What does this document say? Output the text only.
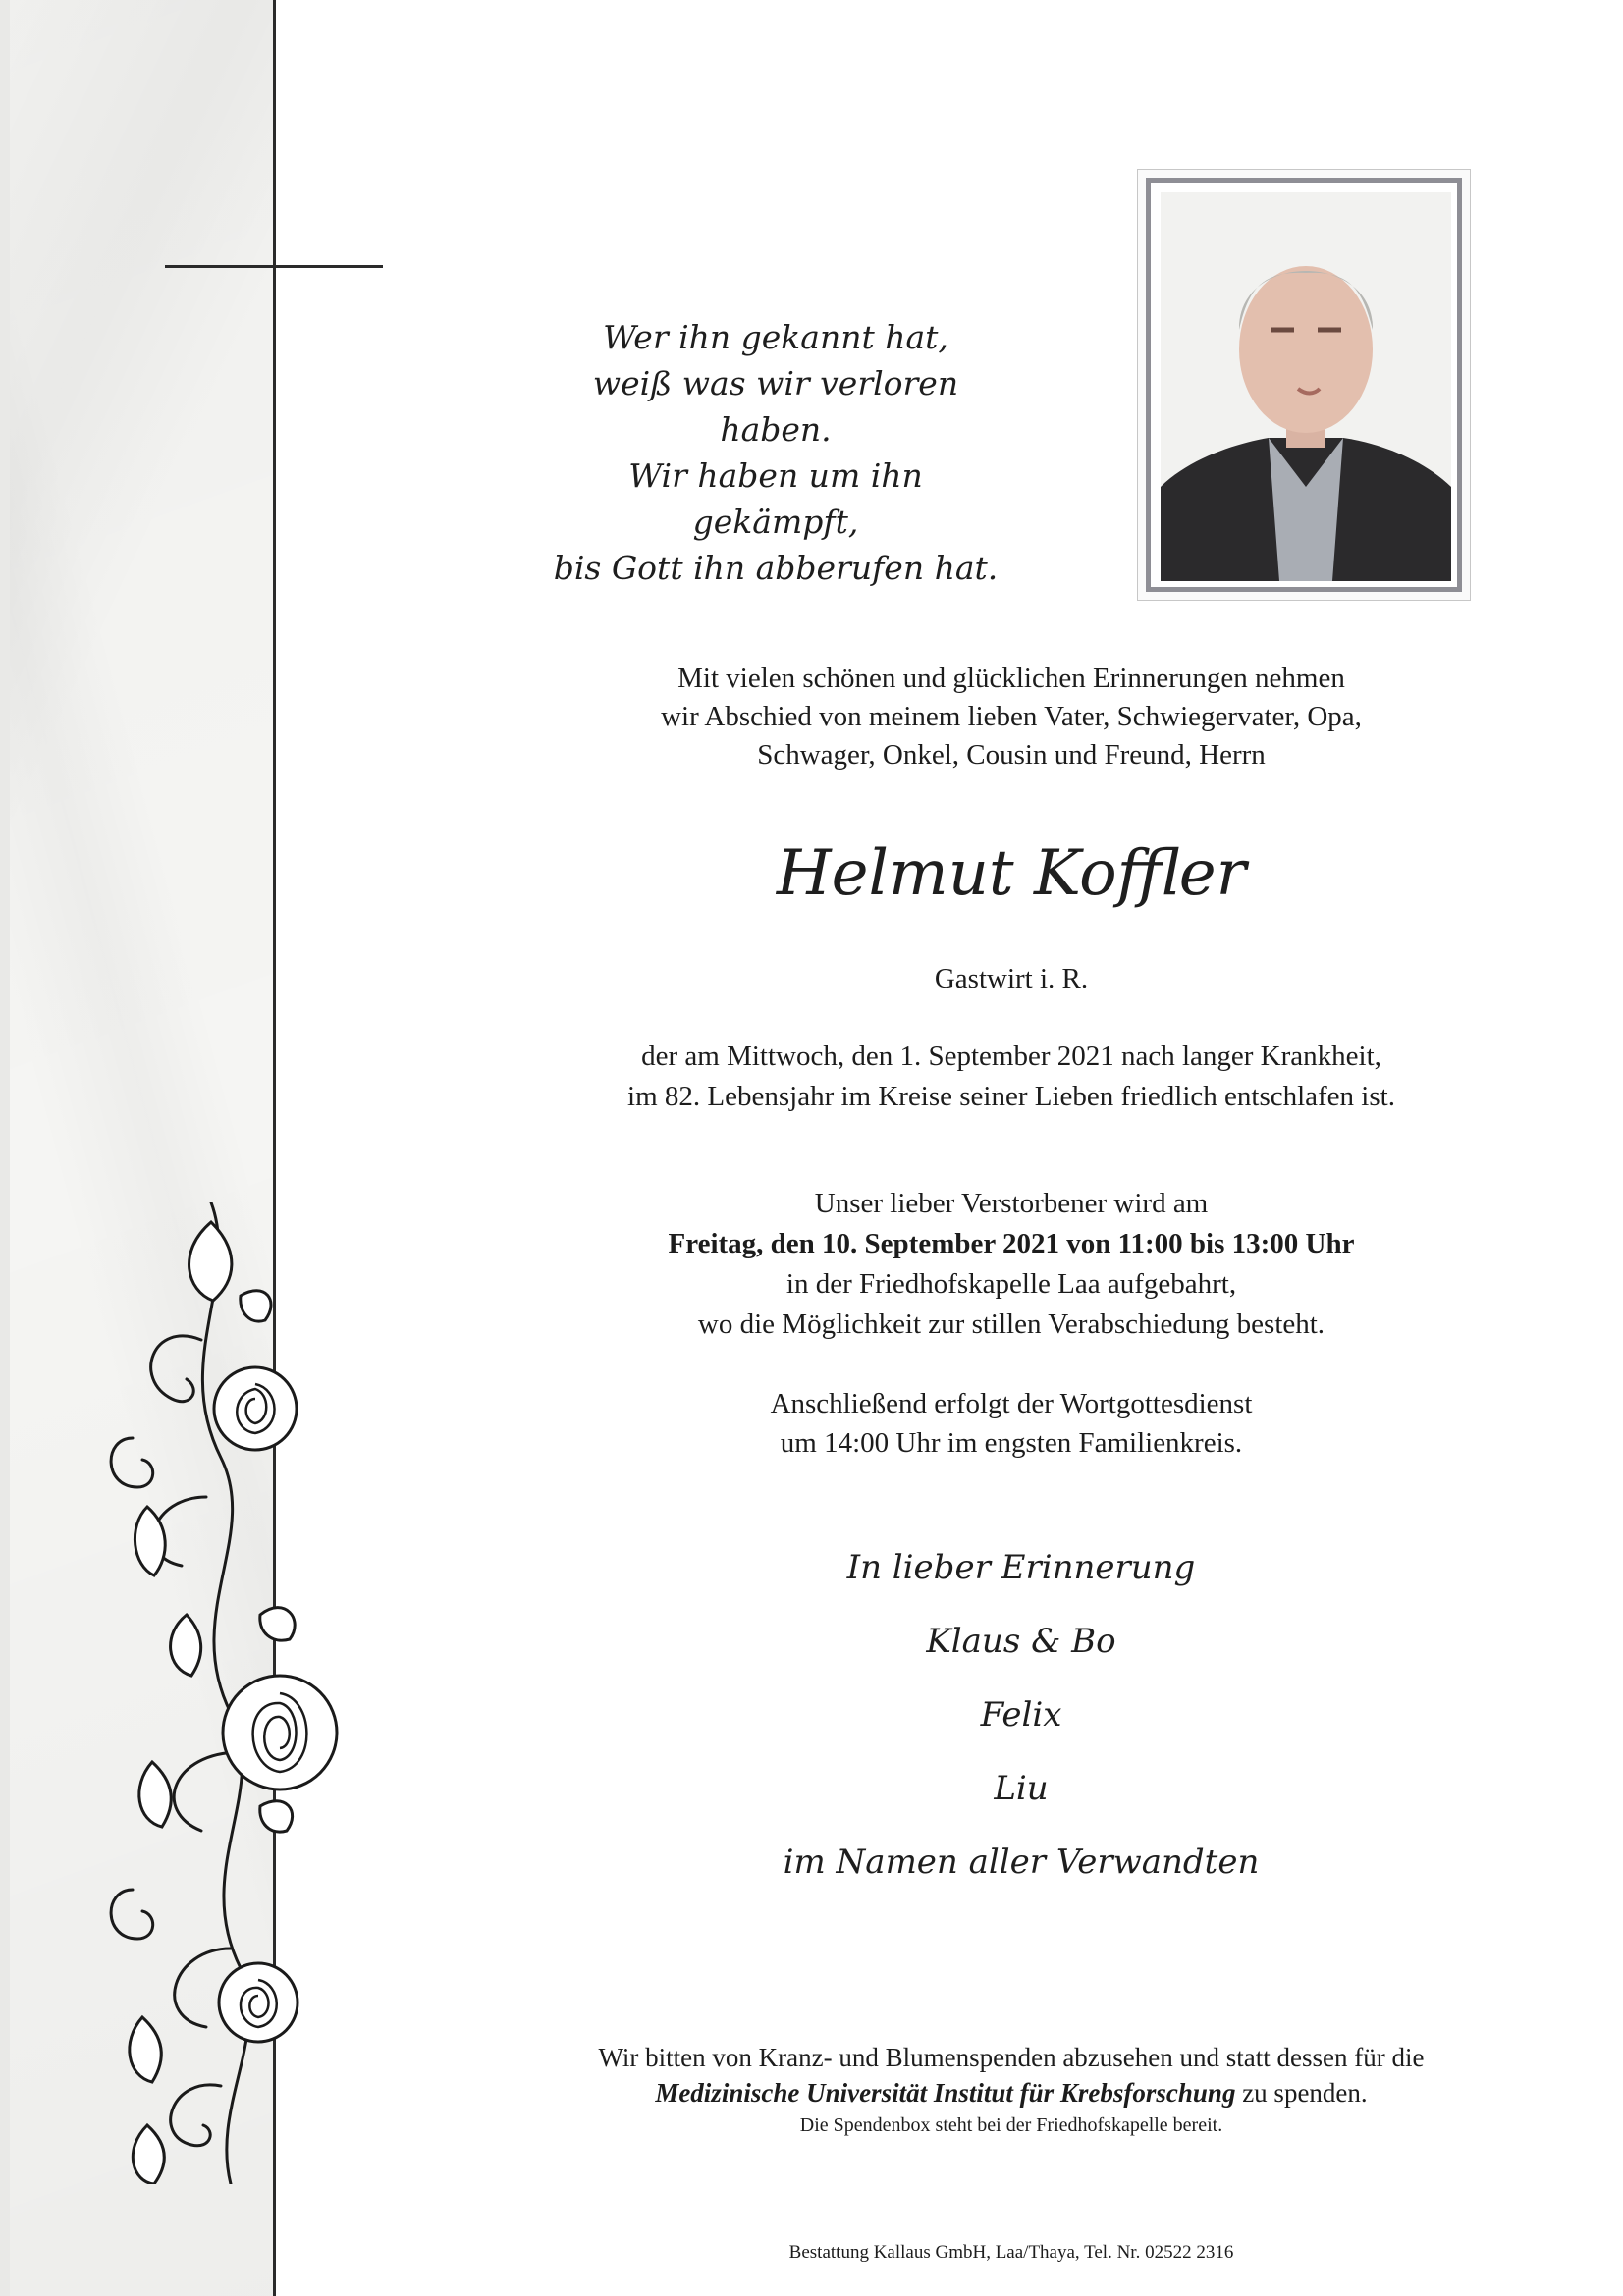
Wer ihn gekannt hat,
weiß was wir verloren haben.
Wir haben um ihn gekämpft,
bis Gott ihn abberufen hat.
Mit vielen schönen und glücklichen Erinnerungen nehmen
wir Abschied von meinem lieben Vater, Schwiegervater, Opa,
Schwager, Onkel, Cousin und Freund, Herrn
Helmut Koffler
Gastwirt i. R.
der am Mittwoch, den 1. September 2021 nach langer Krankheit,
im 82. Lebensjahr im Kreise seiner Lieben friedlich entschlafen ist.
Unser lieber Verstorbener wird am
Freitag, den 10. September 2021 von 11:00 bis 13:00 Uhr
in der Friedhofskapelle Laa aufgebahrt,
wo die Möglichkeit zur stillen Verabschiedung besteht.
Anschließend erfolgt der Wortgottesdienst
um 14:00 Uhr im engsten Familienkreis.
In lieber Erinnerung
Klaus & Bo
Felix
Liu
im Namen aller Verwandten
Wir bitten von Kranz- und Blumenspenden abzusehen und statt dessen für die
Medizinische Universität Institut für Krebsforschung zu spenden.
Die Spendenbox steht bei der Friedhofskapelle bereit.
Bestattung Kallaus GmbH, Laa/Thaya, Tel. Nr. 02522 2316
